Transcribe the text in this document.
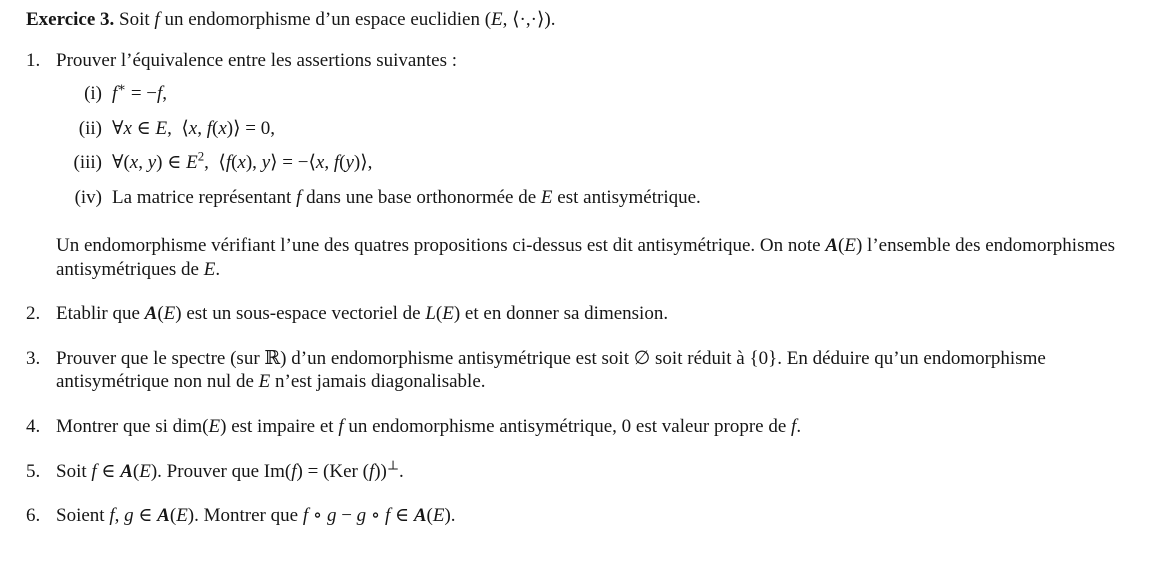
Exercice 3. Soit f un endomorphisme d’un espace euclidien (E, ⟨·,·⟩).

1. Prouver l’équivalence entre les assertions suivantes :

(i) f∗ = −f,

(ii) ∀x ∈ E, ⟨x, f(x)⟩ = 0,

(iii) ∀(x, y) ∈ $E^2$, ⟨f(x), y⟩ = −⟨x, f(y)⟩,

(iv) La matrice représentant f dans une base orthonormée de E est antisymétrique.

Un endomorphisme vérifiant l’une des quatres propositions ci-dessus est dit antisymétrique. On note A(E) l’ensemble des endomorphismes antisymétriques de E.

2. Etablir que A(E) est un sous-espace vectoriel de L(E) et en donner sa dimension.

3. Prouver que le spectre (sur ℝ) d’un endomorphisme antisymétrique est soit ∅ soit réduit à {0}. En déduire qu’un endomorphisme antisymétrique non nul de E n’est jamais diagonalisable.

4. Montrer que si dim(E) est impaire et f un endomorphisme antisymétrique, 0 est valeur propre de f.

5. Soit f ∈ A(E). Prouver que Im(f) = (Ker (f))⊥.

6. Soient f, g ∈ A(E). Montrer que f ∘ g − g ∘ f ∈ A(E).
